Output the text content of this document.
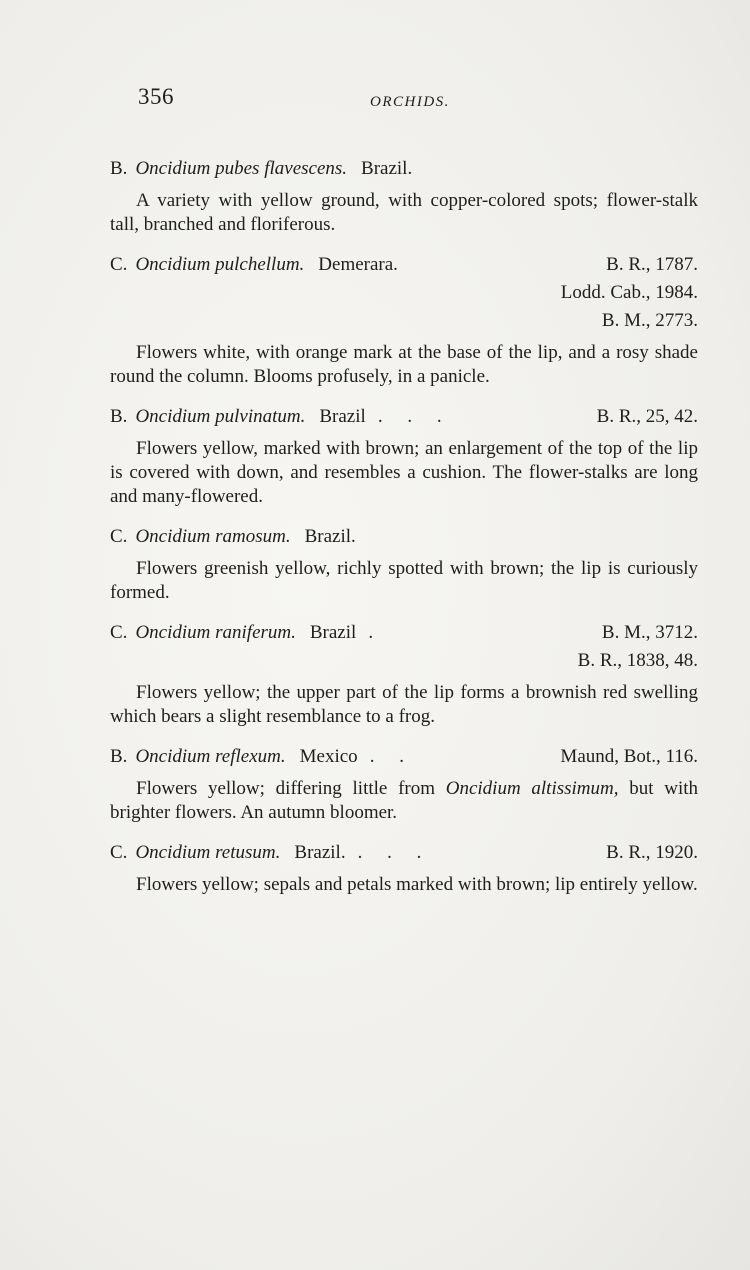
356	ORCHIDS.
B. Oncidium pubes flavescens. Brazil.
A variety with yellow ground, with copper-colored spots; flower-stalk tall, branched and floriferous.
C. Oncidium pulchellum. Demerara.	B. R., 1787.
Lodd. Cab., 1984.
B. M., 2773.
Flowers white, with orange mark at the base of the lip, and a rosy shade round the column. Blooms profusely, in a panicle.
B. Oncidium pulvinatum. Brazil . . .	B. R., 25, 42.
Flowers yellow, marked with brown; an enlargement of the top of the lip is covered with down, and resembles a cushion. The flower-stalks are long and many-flowered.
C. Oncidium ramosum. Brazil.
Flowers greenish yellow, richly spotted with brown; the lip is curiously formed.
C. Oncidium raniferum. Brazil .	B. M., 3712.
B. R., 1838, 48.
Flowers yellow; the upper part of the lip forms a brownish red swelling which bears a slight resemblance to a frog.
B. Oncidium reflexum. Mexico . .	Maund, Bot., 116.
Flowers yellow; differing little from Oncidium altissimum, but with brighter flowers. An autumn bloomer.
C. Oncidium retusum. Brazil. . . .	B. R., 1920.
Flowers yellow; sepals and petals marked with brown; lip entirely yellow.
